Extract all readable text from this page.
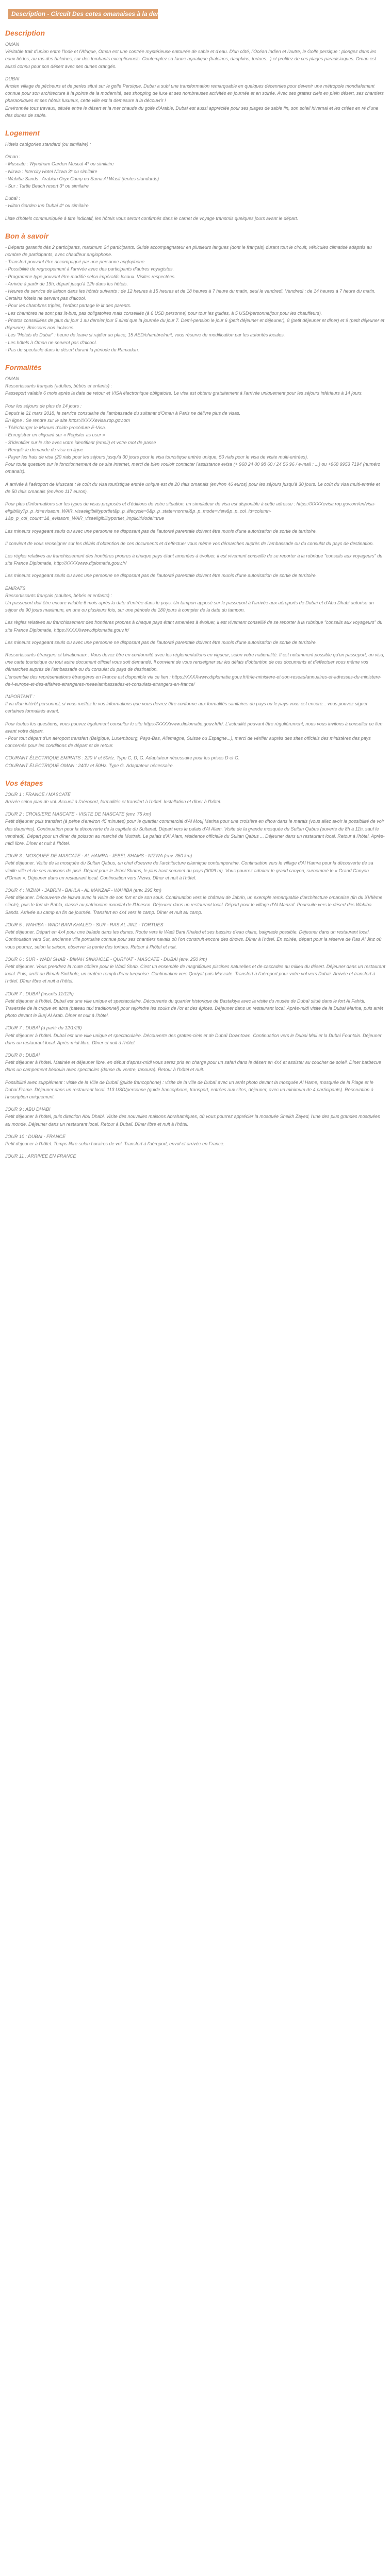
Description - Circuit Des cotes omanaises à la demeure de Dubai
Description

OMAN
Véritable trait d'union entre l'Inde et l'Afrique, Oman est une contrée mystérieuse entourée de sable et d'eau. D'un côté, l'Océan Indien et l'autre, le Golfe persique : plongez dans les eaux tièdes, au ras des baleines, sur des tombants exceptionnels. Contemplez sa faune aquatique (baleines, dauphins, tortues...) et profitez de ces plages paradisiaques. Oman est aussi connu pour son désert avec ses dunes orangés.

DUBAI
Ancien village de pêcheurs et de perles situé sur le golfe Persique, Dubaï a subi une transformation remarquable en quelques décennies pour devenir une métropole mondialement connue pour son architecture à la pointe de la modernité, ses shopping de luxe et ses nombreuses activités en journée et en soirée. Avec ses grattes ciels en plein désert, ses chantiers pharaoniques et ses hôtels luxueux, cette ville est la demesure à la découvrir !
Environnée tous travaux, située entre le désert et la mer chaude du golfe d'Arabie, Dubaï est aussi appréciée pour ses plages de sable fin, son soleil hivernal et les criées en ré d'une des dunes de sable.

Logement

Hôtels catégories standard (ou similaire) :

Oman :
- Muscate : Wyndham Garden Muscat 4* ou similaire
- Nizwa : Intercity Hotel Nizwa 3* ou similaire
- Wahiba Sands : Arabian Oryx Camp ou Sama Al Wasil (tentes standards)
- Sur : Turtle Beach resort 3* ou similaire

Dubaï :
- Hilton Garden Inn Dubaï 4* ou similaire.

Liste d'hôtels communiquée à titre indicatif, les hôtels vous seront confirmés dans le carnet de voyage transmis quelques jours avant le départ.

Bon à savoir

- Départs garantis dès 2 participants, maximum 24 participants. Guide accompagnateur en plusieurs langues (dont le français) durant tout le circuit, véhicules climatisé adaptés au nombre de participants, avec chauffeur anglophone.
- Transfert pouvant être accompagné par une personne anglophone.
- Possibilité de regroupement à l'arrivée avec des participants d'autres voyagistes.
- Programme type pouvant être modifié selon impératifs locaux. Visites respectées.
- Arrivée à partir de 19h, départ jusqu'à 12h dans les hôtels.
- Heures de service de liaison dans les hôtels suivants : de 12 heures à 15 heures et de 18 heures à 7 heure du matin, seul le vendredi. Vendredi : de 14 heures à 7 heure du matin. Certains hôtels ne servent pas d'alcool.
- Pour les chambres triples, l'enfant partage le lit des parents.
- Les chambres ne sont pas lit-bus, pas obligatoires mais conseillés (à 6 USD personne) pour tour les guides, à 5 USD/personne/jour pour les chauffeurs).
- Photos conseillées de plus du jour 1 au dernier jour 5 ainsi que la journée du jour 7. Demi-pension le jour 6 (petit déjeuner et déjeuner), 8 (petit déjeuner et dîner) et 9 (petit déjeuner et déjeuner). Boissons non incluses.
- Les "Hotels de Dubai" : heure de leave si rajdier au place, 15 AED/chambre/nuit, vous réserve de modification par les autorités locales.
- Les hôtels à Oman ne servent pas d'alcool.
- Pas de spectacle dans le désert durant la période du Ramadan.

Formalités

OMAN
Ressortissants français (adultes, bébés et enfants) :
Passeport valable 6 mois après la date de retour et VISA électronique obligatoire. Le visa est obtenu gratuitement à l'arrivée uniquement pour les séjours inférieurs à 14 jours.

Pour les séjours de plus de 14 jours :
Depuis le 21 mars 2018, le service consulaire de l'ambassade du sultanat d'Oman à Paris ne délivre plus de visas.
En ligne : Se rendre sur le site https://XXXXevisa.rop.gov.om
- Télécharger le Manuel d'aide procédure E-Visa.
- Enregistrer en cliquant sur « Register as user »
- S'identifier sur le site avec votre identifiant (email) et votre mot de passe
- Remplir le demande de visa en ligne
- Payer les frais de visa (20 rials pour les séjours jusqu'à 30 jours pour le visa touristique entrée unique, 50 rials pour le visa de visite multi-entrées).
Pour toute question sur le fonctionnement de ce site internet, merci de bien vouloir contacter l'assistance evisa (+ 968 24 00 98 60 / 24 56 96 / e-mail : ...) ou +968 9953 7194 (numéro omanais).

À arrivée à l'aéroport de Muscate : le coût du visa touristique entrée unique est de 20 rials omanais (environ 46 euros) pour les séjours jusqu'à 30 jours. Le coût du visa multi-entrée et de 50 rials omanais (environ 117 euros).

Pour plus d'informations sur les types de visas proposés et d'éditions de votre situation, un simulateur de visa est disponible à cette adresse : https://XXXXevisa.rop.gov.om/en/visa-eligibility?p_p_id=evisaom_WAR_visaeligibilityportlet&p_p_lifecycle=0&p_p_state=normal&p_p_mode=view&p_p_col_id=column-1&p_p_col_count=1&_evisaom_WAR_visaeligibilityportlet_implicitModel=true

Les mineurs voyageant seuls ou avec une personne ne disposant pas de l'autorité parentale doivent être munis d'une autorisation de sortie de territoire.

Il convient de vous renseigner sur les délais d'obtention de ces documents et d'effectuer vous même vos démarches auprès de l'ambassade ou du consulat du pays de destination.

Les règles relatives au franchissement des frontières propres à chaque pays étant amenées à évoluer, il est vivement conseillé de se reporter à la rubrique "conseils aux voyageurs" du site France Diplomatie, http://XXXXwww.diplomatie.gouv.fr/

Les mineurs voyageant seuls ou avec une personne ne disposant pas de l'autorité parentale doivent être munis d'une autorisation de sortie de territoire.

EMIRATS
Ressortissants français (adultes, bébés et enfants) :
Un passeport doit être encore valable 6 mois après la date d'entrée dans le pays. Un tampon apposé sur le passeport à l'arrivée aux aéroports de Dubaï et d'Abu Dhabi autorise un séjour de 90 jours maximum, en une ou plusieurs fois, sur une période de 180 jours à compter de la date du tampon.

Les règles relatives au franchissement des frontières propres à chaque pays étant amenées à évoluer, il est vivement conseillé de se reporter à la rubrique "conseils aux voyageurs" du site France Diplomatie, https://XXXXwww.diplomatie.gouv.fr/

Les mineurs voyageant seuls ou avec une personne ne disposant pas de l'autorité parentale doivent être munis d'une autorisation de sortie de territoire.

Ressortissants étrangers et binationaux : Vous devez être en conformité avec les réglementations en vigueur, selon votre nationalité. Il est notamment possible qu'un passeport, un visa, une carte touristique ou tout autre document officiel vous soit demandé. Il convient de vous renseigner sur les délais d'obtention de ces documents et d'effectuer vous même vos démarches auprès de l'ambassade ou du consulat du pays de destination.
L'ensemble des représentations étrangères en France est disponible via ce lien : https://XXXXwww.diplomatie.gouv.fr/fr/le-ministere-et-son-reseau/annuaires-et-adresses-du-ministere-de-l-europe-et-des-affaires-etrangeres-meae/ambassades-et-consulats-etrangers-en-france/

IMPORTANT :
Il va d'un intérêt personnel, si vous mettez le vos informations que vous devrez être conforme aux formalités sanitaires du pays ou le pays vous est encore... vous pouvez signer certaines formalités avant.

Pour toutes les questions, vous pouvez également consulter le site https://XXXXwww.diplomatie.gouv.fr/fr/. L'actualité pouvant être régulièrement, nous vous invitons à consulter ce lien avant votre départ.
- Pour tout départ d'un aéroport transfert (Belgique, Luxembourg, Pays-Bas, Allemagne, Suisse ou Espagne...), merci de vérifier auprès des sites officiels des ministères des pays concernés pour les conditions de départ et de retour.

COURANT ÉLECTRIQUE EMIRATS : 220 V et 50Hz. Type C, D, G. Adaptateur nécessaire pour les prises D et G.
COURANT ÉLECTRIQUE OMAN : 240V et 50Hz. Type G. Adaptateur nécessaire.

Vos étapes
JOUR 1 : FRANCE / MASCATE
Arrivée selon plan de vol. Accueil à l'aéroport, formalités et transfert à l'hôtel. Installation et dîner à l'hôtel.
JOUR 2 : CROISIERE MASCATE - VISITE DE MASCATE (env. 75 km)
Petit déjeuner puis transfert (à peine d'environ 45 minutes) pour le quartier commercial d'Al Mouj Marina pour une croisière en dhow dans le marais (vous allez avoir la possibilité de voir des dauphins). Continuation pour la découverte de la capitale du Sultanat. Départ vers le palais d'Al Alam. Visite de la grande mosquée du Sultan Qabus (ouverte de 8h à 11h, sauf le vendredi). Départ pour un dîner de poisson au marché de Muttrah. Le palais d'Al Alam, résidence officielle du Sultan Qabus ... Déjeuner dans un restaurant local. Retour à l'hôtel. Après-midi libre. Dîner et nuit à l'hôtel.
JOUR 3 : MOSQUEE DE MASCATE - AL HAMRA - JEBEL SHAMS - NIZWA (env. 350 km)
Petit déjeuner. Visite de la mosquée du Sultan Qabus, un chef d'oeuvre de l'architecture islamique contemporaine. Continuation vers le village d'Al Hamra pour la découverte de sa vieille ville et de ses maisons de pisé. Départ pour le Jebel Shams, le plus haut sommet du pays (3009 m). Vous pourrez admirer le grand canyon, surnommé le « Grand Canyon d'Oman ». Déjeuner dans un restaurant local. Continuation vers Nizwa. Dîner et nuit à l'hôtel.
JOUR 4 : NIZWA - JABRIN - BAHLA - AL MANZAF - WAHIBA (env. 295 km)
Petit déjeuner. Découverte de Nizwa avec la visite de son fort et de son souk. Continuation vers le château de Jabrin, un exemple remarquable d'architecture omanaise (fin du XVIIème siècle), puis le fort de Bahla, classé au patrimoine mondial de l'Unesco. Déjeuner dans un restaurant local. Départ pour le village d'Al Manzaf. Poursuite vers le désert des Wahiba Sands. Arrivée au camp en fin de journée. Transfert en 4x4 vers le camp. Dîner et nuit au camp.
JOUR 5 : WAHIBA - WADI BANI KHALED - SUR - RAS AL JINZ - TORTUES
Petit déjeuner. Départ en 4x4 pour une balade dans les dunes. Route vers le Wadi Bani Khaled et ses bassins d'eau claire, baignade possible. Déjeuner dans un restaurant local. Continuation vers Sur, ancienne ville portuaire connue pour ses chantiers navals où l'on construit encore des dhows. Dîner à l'hôtel. En soirée, départ pour la réserve de Ras Al Jinz où vous pourrez, selon la saison, observer la ponte des tortues. Retour à l'hôtel et nuit.
JOUR 6 : SUR - WADI SHAB - BIMAH SINKHOLE - QURIYAT - MASCATE - DUBAI (env. 250 km)
Petit déjeuner. Vous prendrez la route côtière pour le Wadi Shab. C'est un ensemble de magnifiques piscines naturelles et de cascades au milieu du désert. Déjeuner dans un restaurant local. Puis, arrêt au Bimah Sinkhole, un cratère rempli d'eau turquoise. Continuation vers Quriyat puis Mascate. Transfert à l'aéroport pour votre vol vers Dubaï. Arrivée et transfert à l'hôtel. Dîner libre et nuit à l'hôtel.
JOUR 7 : DUBAÏ (inscrits 11/12h)
Petit déjeuner à l'hôtel. Dubaï est une ville unique et spectaculaire. Découverte du quartier historique de Bastakiya avec la visite du musée de Dubaï situé dans le fort Al Fahidi. Traversée de la crique en abra (bateau taxi traditionnel) pour rejoindre les souks de l'or et des épices. Déjeuner dans un restaurant local. Après-midi visite de la Dubai Marina, puis arrêt photo devant le Burj Al Arab. Dîner et nuit à l'hôtel.
JOUR 7 : DUBAÏ (à partir du 12/1/26)
Petit déjeuner à l'hôtel. Dubaï est une ville unique et spectaculaire. Découverte des grattes-ciels et de Dubaï Downtown. Continuation vers le Dubai Mall et la Dubai Fountain. Déjeuner dans un restaurant local. Après-midi libre. Dîner et nuit à l'hôtel.
JOUR 8 : DUBAÏ
Petit déjeuner à l'hôtel. Matinée et déjeuner libre, en début d'après-midi vous serez pris en charge pour un safari dans le désert en 4x4 et assister au coucher de soleil. Dîner barbecue dans un campement bédouin avec spectacles (danse du ventre, tanoura). Retour à l'hôtel et nuit.

Possibilité avec supplément : visite de la Ville de Dubaï (guide francophone) : visite de la ville de Dubaï avec un arrêt photo devant la mosquée Al Hame, mosquée de la Plage et le Dubai Frame. Déjeuner dans un restaurant local. 113 USD/personne (guide francophone, transport, entrées aux sites, déjeuner, avec un minimum de 4 participants). Réservation à l'inscription uniquement.

JOUR 9 : ABU DHABI
Petit déjeuner à l'hôtel, puis direction Abu Dhabi. Visite des nouvelles maisons Abrahamiques, où vous pourrez apprécier la mosquée Sheikh Zayed, l'une des plus grandes mosquées au monde. Déjeuner dans un restaurant local. Retour à Dubaï. Dîner libre et nuit à l'hôtel.
JOUR 10 : DUBAI - FRANCE
Petit déjeuner à l'hôtel. Temps libre selon horaires de vol. Transfert à l'aéroport, envol et arrivée en France.
JOUR 11 : ARRIVEE EN FRANCE
